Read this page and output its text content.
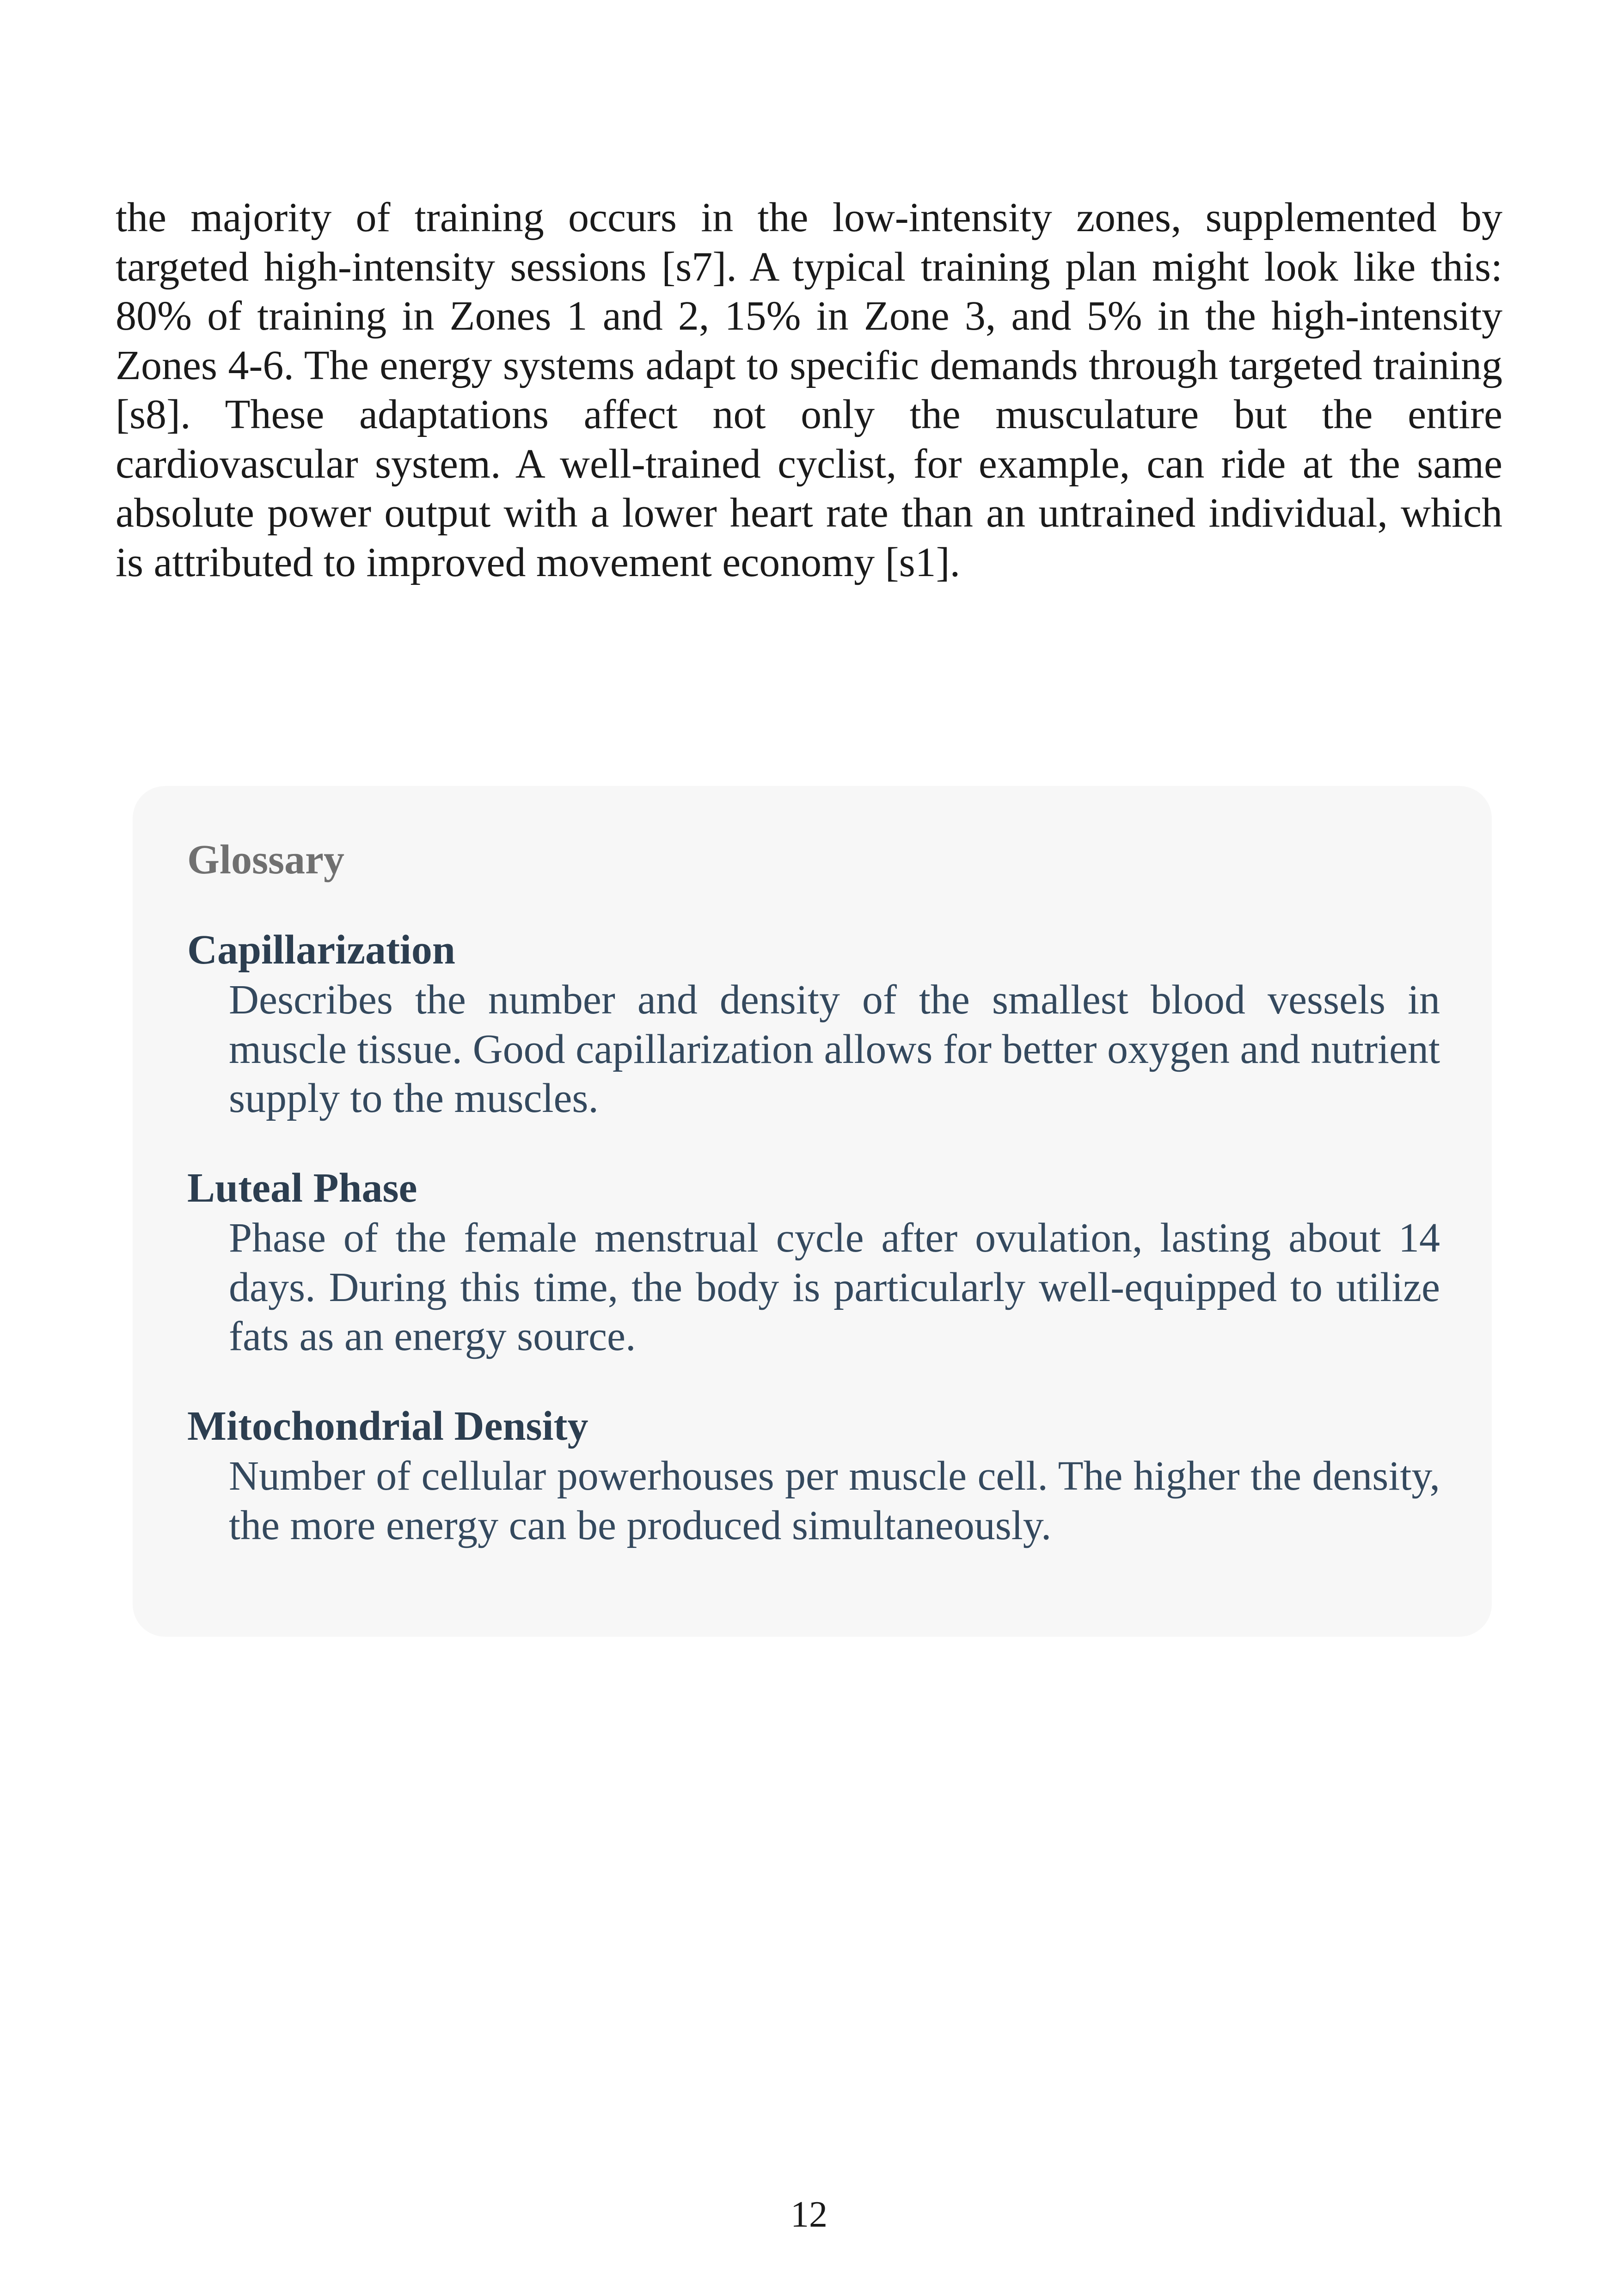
the majority of training occurs in the low-intensity zones, supplemented by targeted high-intensity sessions [s7]. A typical training plan might look like this: 80% of training in Zones 1 and 2, 15% in Zone 3, and 5% in the high-intensity Zones 4-6. The energy systems adapt to specific demands through targeted training [s8]. These adaptations affect not only the musculature but the entire cardiovascular system. A well-trained cyclist, for example, can ride at the same absolute power output with a lower heart rate than an untrained individual, which is attributed to improved movement economy [s1].

Glossary

Capillarization

Describes the number and density of the smallest blood vessels in muscle tissue. Good capillarization allows for better oxygen and nutrient supply to the muscles.

Luteal Phase

Phase of the female menstrual cycle after ovulation, lasting about 14 days. During this time, the body is particularly well-equipped to utilize fats as an energy source.

Mitochondrial Density

Number of cellular powerhouses per muscle cell. The higher the density, the more energy can be produced simultaneously.

12
